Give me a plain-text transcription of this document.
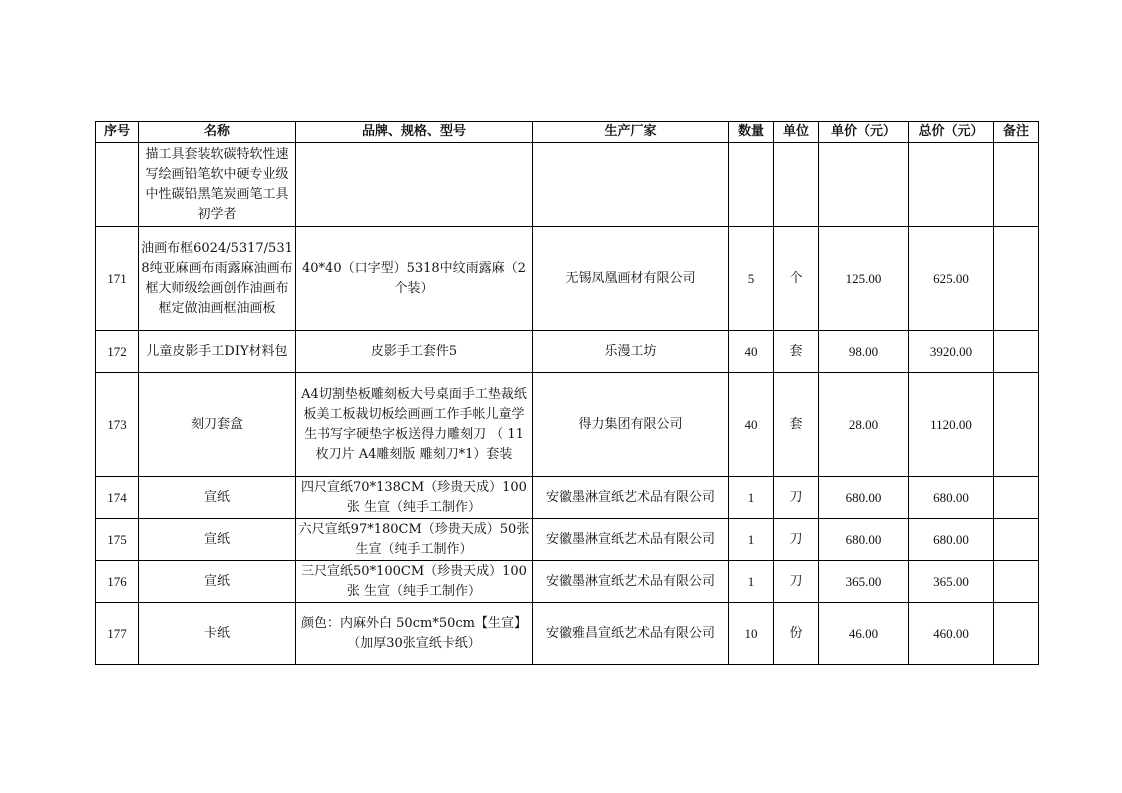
序号	名称	品牌、规格、型号	生产厂家	数量	单位	单价（元）	总价（元）	备注
	描工具套装软碳特软性速写绘画铅笔软中硬专业级中性碳铅黑笔炭画笔工具初学者							
171	油画布框6024/5317/5318纯亚麻画布雨露麻油画布框大师级绘画创作油画布框定做油画框油画板	40*40（口字型）5318中纹雨露麻（2个装）	无锡凤凰画材有限公司	5	个	125.00	625.00	
172	儿童皮影手工DIY材料包	皮影手工套件5	乐漫工坊	40	套	98.00	3920.00	
173	刻刀套盒	A4切割垫板雕刻板大号桌面手工垫裁纸板美工板裁切板绘画画工作手帐儿童学生书写字硬垫字板送得力雕刻刀 （ 11枚刀片 A4雕刻版 雕刻刀*1）套装	得力集团有限公司	40	套	28.00	1120.00	
174	宣纸	四尺宣纸70*138CM（珍贵天成）100张 生宣（纯手工制作）	安徽墨淋宣纸艺术品有限公司	1	刀	680.00	680.00	
175	宣纸	六尺宣纸97*180CM（珍贵天成）50张 生宣（纯手工制作）	安徽墨淋宣纸艺术品有限公司	1	刀	680.00	680.00	
176	宣纸	三尺宣纸50*100CM（珍贵天成）100张 生宣（纯手工制作）	安徽墨淋宣纸艺术品有限公司	1	刀	365.00	365.00	
177	卡纸	颜色：内麻外白 50cm*50cm【生宣】（加厚30张宣纸卡纸）	安徽雅昌宣纸艺术品有限公司	10	份	46.00	460.00	
